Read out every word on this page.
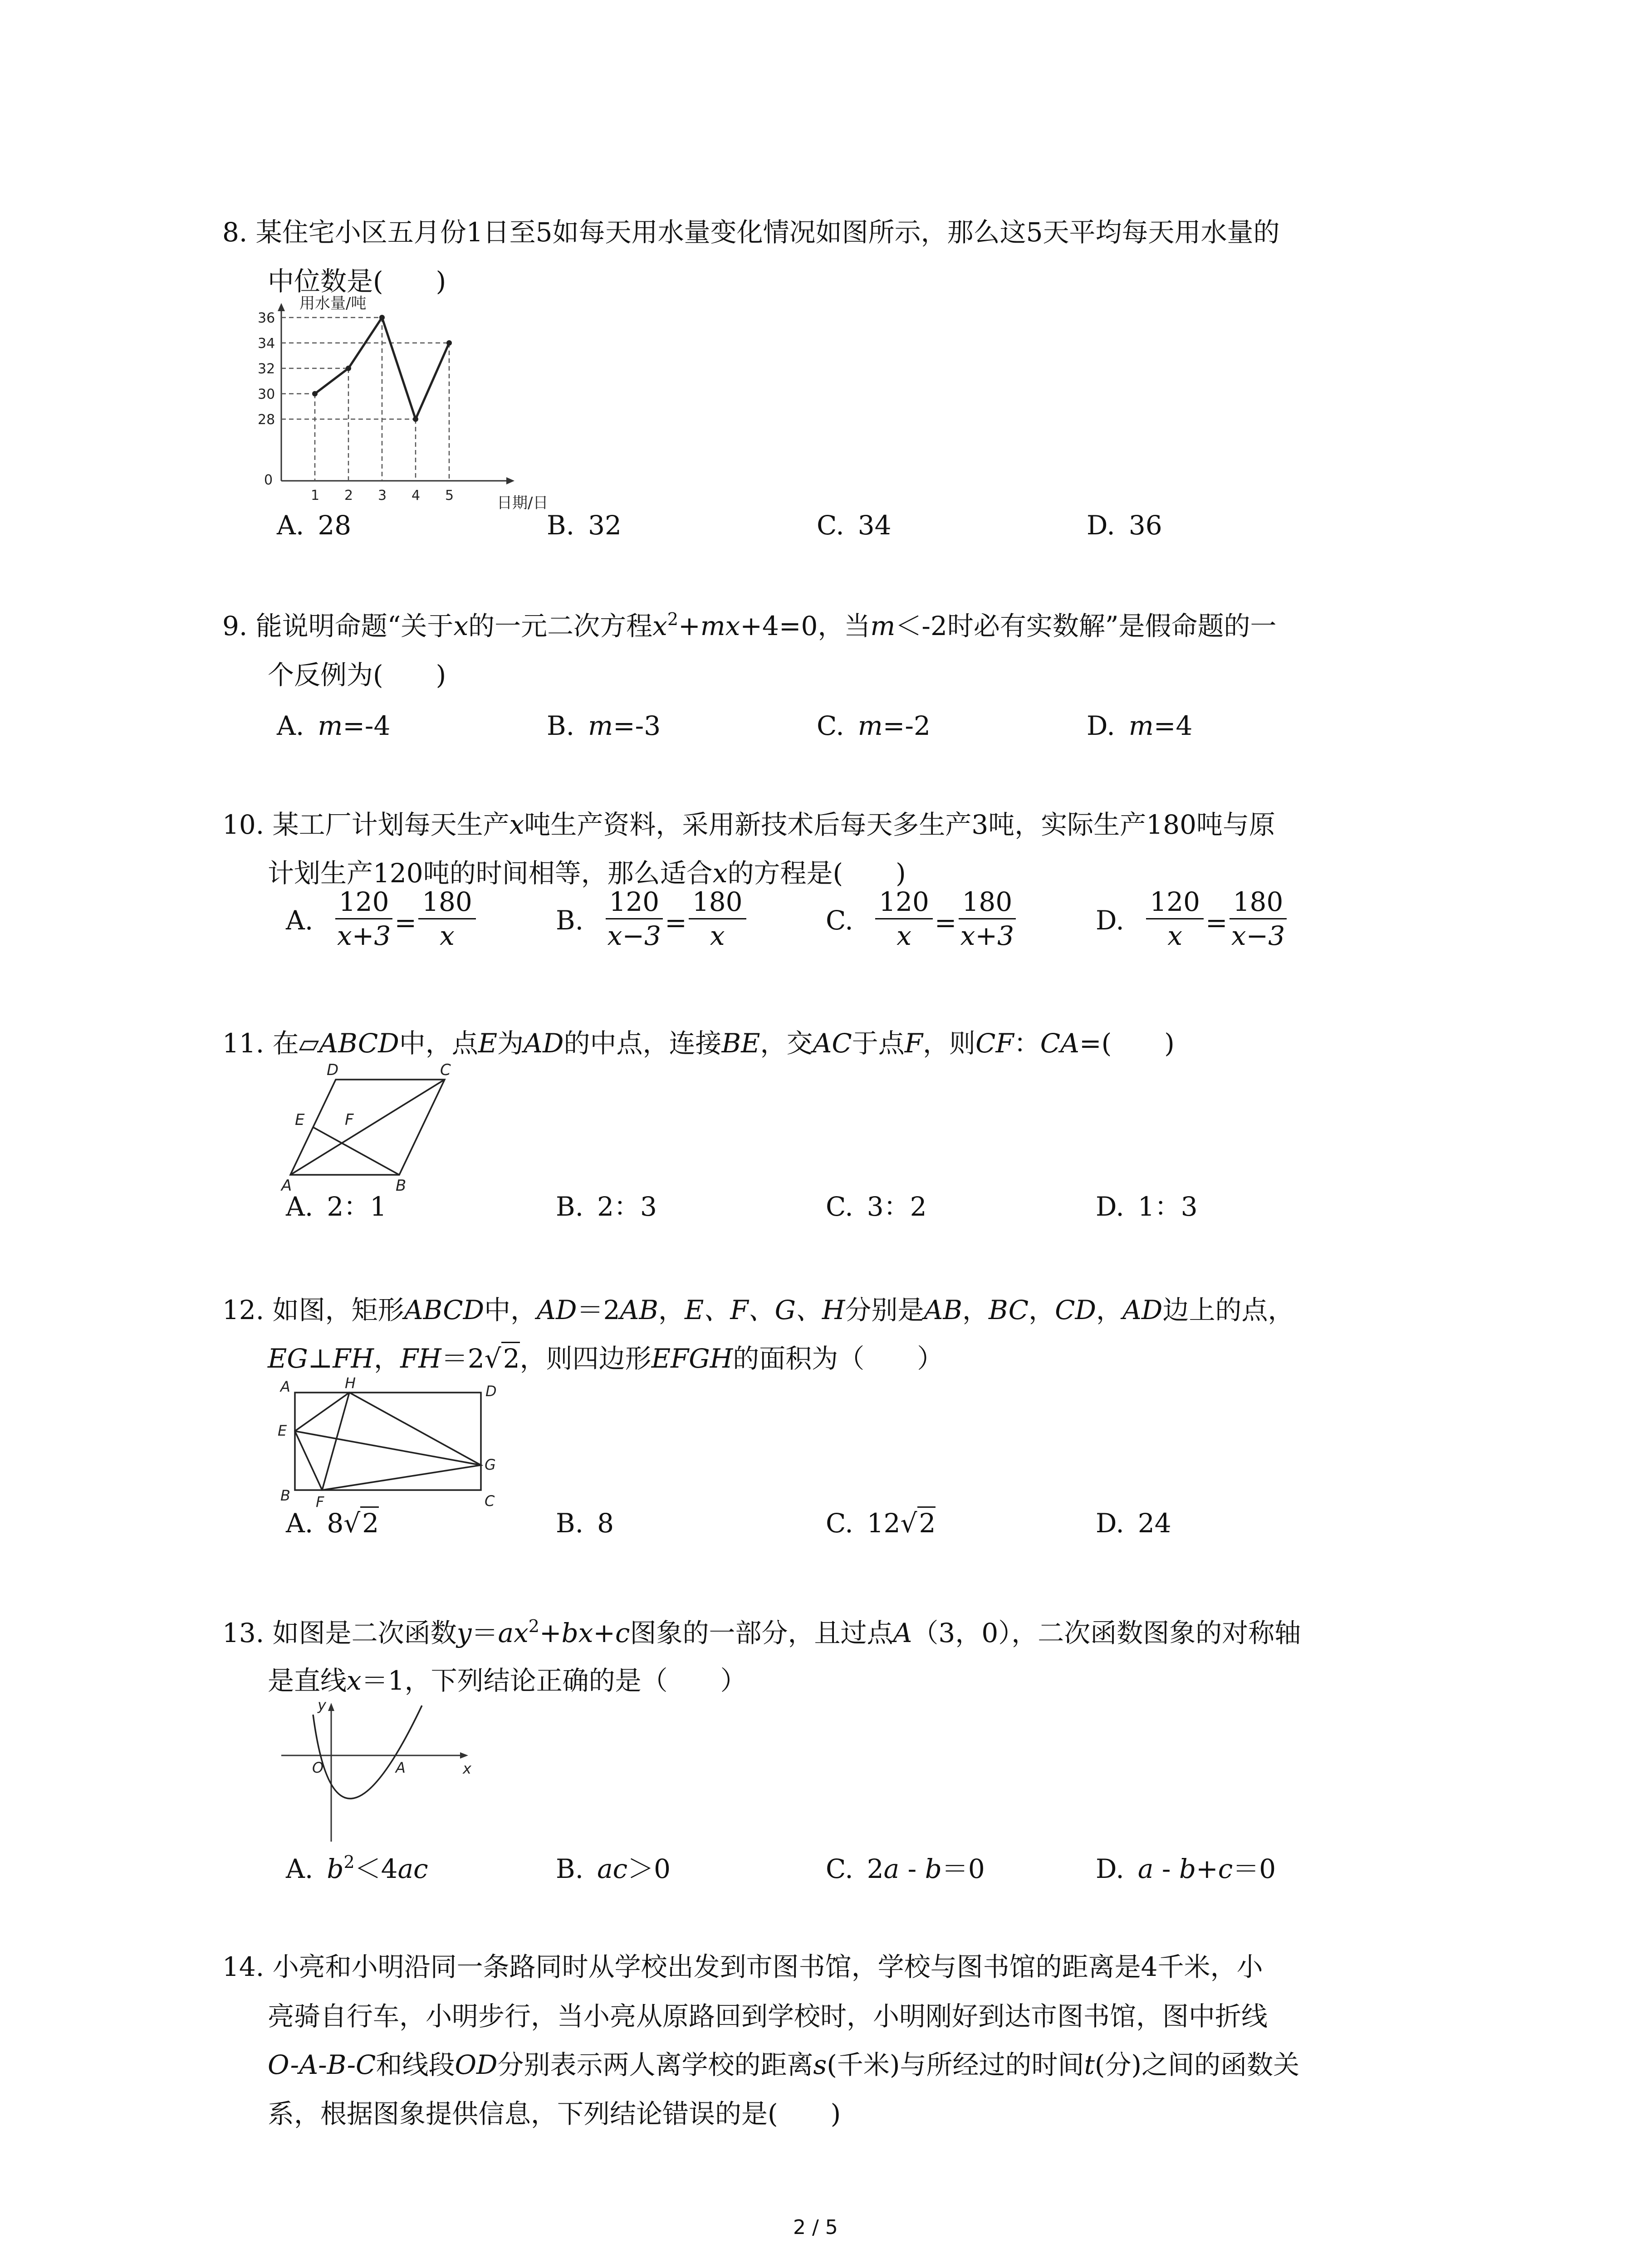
8. 某住宅小区五月份1日至5如每天用水量变化情况如图所示，那么这5天平均每天用水量的
中位数是(　　)
用水量/吨
日期/日
0
36
34
32
30
28
1 2 3 4 5
A. 28	B. 32	C. 34	D. 36
9. 能说明命题“关于x的一元二次方程$x^2+mx+4=0$，当m＜-2时必有实数解”是假命题的一
个反例为(　　)
A. m=-4	B. m=-3	C. m=-2	D. m=4
10. 某工厂计划每天生产x吨生产资料，采用新技术后每天多生产3吨，实际生产180吨与原
计划生产120吨的时间相等，那么适合x的方程是(　　)
A. $\frac{120}{x+3} = \frac{180}{x}$	B. $\frac{120}{x-3} = \frac{180}{x}$	C. $\frac{120}{x} = \frac{180}{x+3}$	D. $\frac{120}{x} = \frac{180}{x-3}$
11. 在▱ABCD中，点E为AD的中点，连接BE，交AC于点F，则CF：CA=(　　)
A	B
C
D
E	F
A. 2：1	B. 2：3	C. 3：2	D. 1：3
12. 如图，矩形ABCD中，AD＝2AB，E、F、G、H分别是AB，BC，CD，AD边上的点，
EG⊥FH，FH＝2√2，则四边形EFGH的面积为（　　）
A
B	C
D
E
F
G
H
A. 8√2	B. 8	C. 12√2	D. 24
13. 如图是二次函数$y=ax^2+bx+c$图象的一部分，且过点A（3，0），二次函数图象的对称轴
是直线x＝1，下列结论正确的是（　　）
y
x
O	A
A. $b^2<4ac$	B. ac＞0	C. 2a - b＝0	D. a - b+c＝0
14. 小亮和小明沿同一条路同时从学校出发到市图书馆，学校与图书馆的距离是4千米，小
亮骑自行车，小明步行，当小亮从原路回到学校时，小明刚好到达市图书馆，图中折线
O-A-B-C和线段OD分别表示两人离学校的距离s(千米)与所经过的时间t(分)之间的函数关
系，根据图象提供信息，下列结论错误的是(　　)
2 / 5
